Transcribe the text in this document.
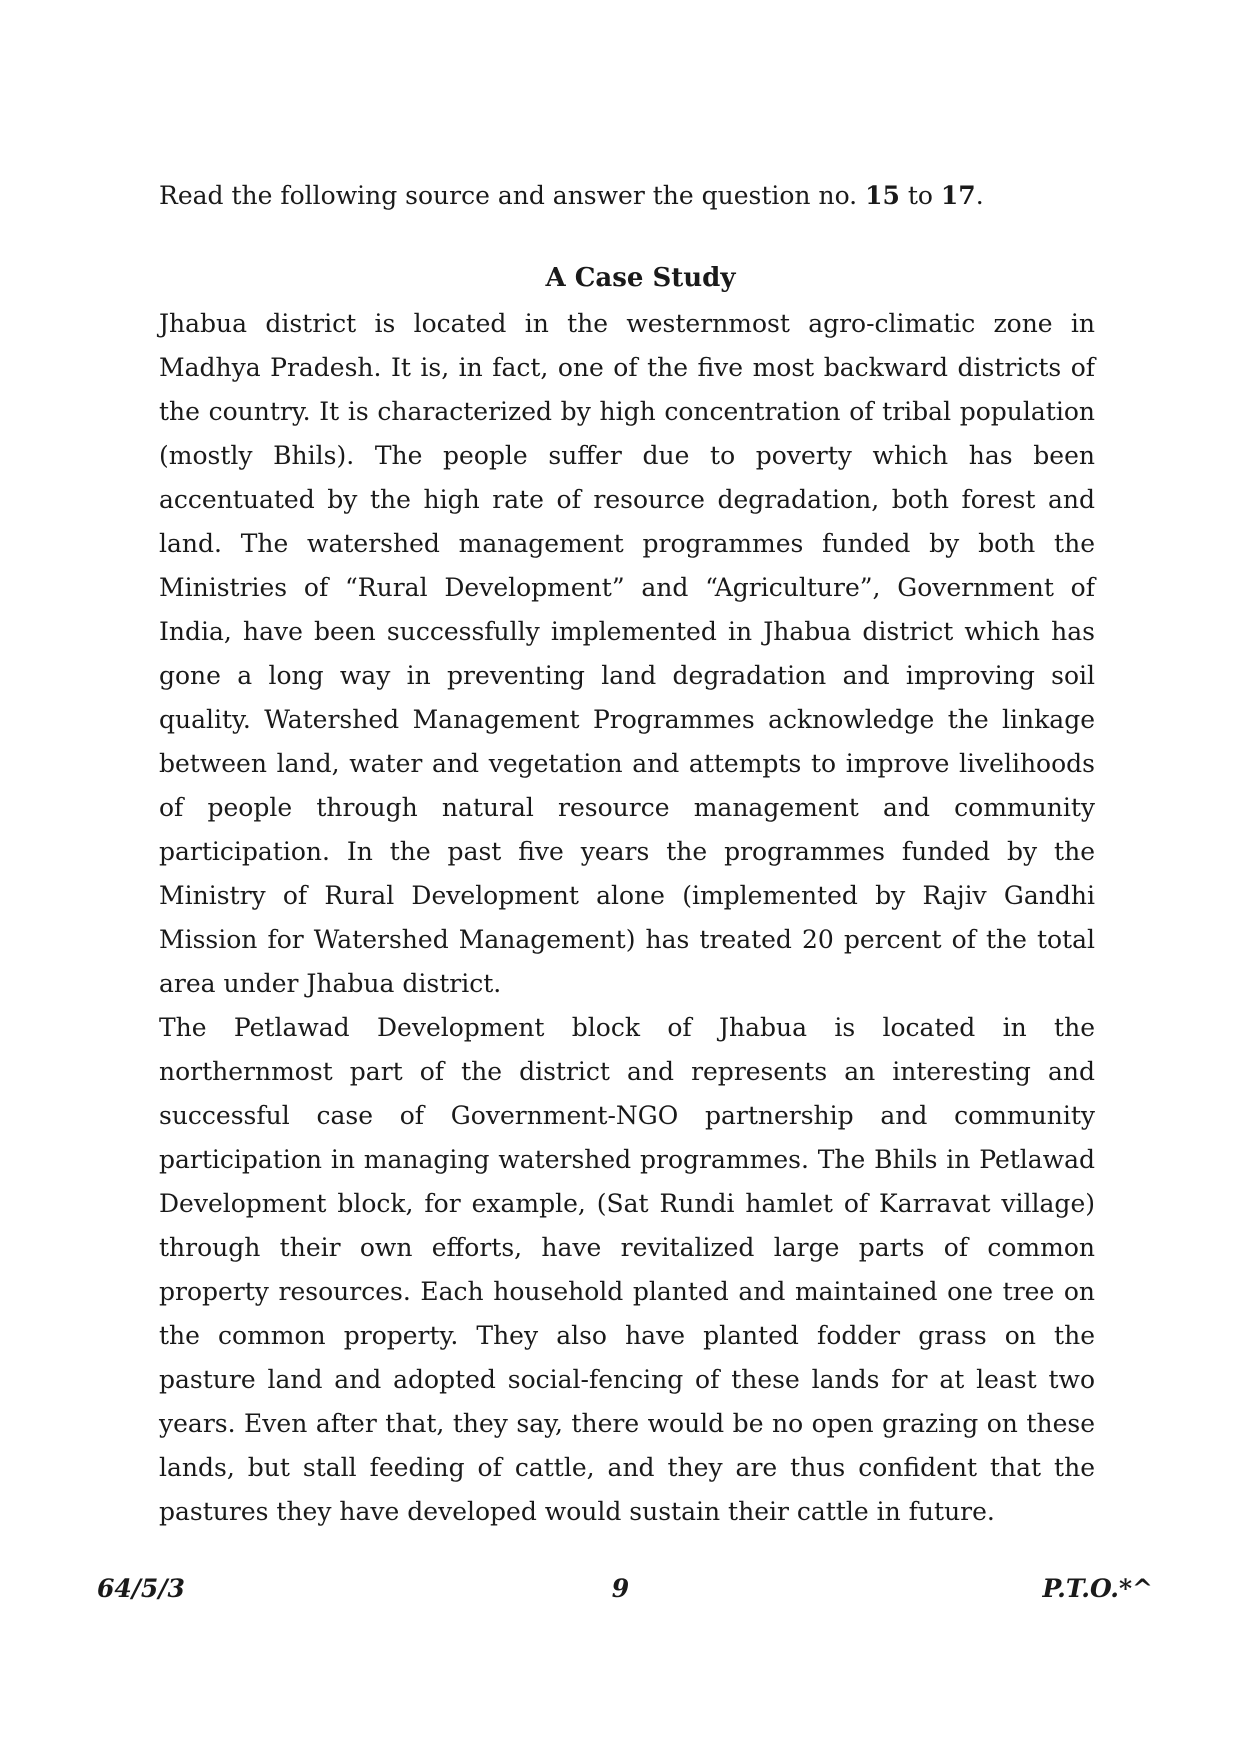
Read the following source and answer the question no. 15 to 17.
A Case Study

Jhabua district is located in the westernmost agro-climatic zone in Madhya Pradesh. It is, in fact, one of the five most backward districts of the country. It is characterized by high concentration of tribal population (mostly Bhils). The people suffer due to poverty which has been accentuated by the high rate of resource degradation, both forest and land. The watershed management programmes funded by both the Ministries of “Rural Development” and “Agriculture”, Government of India, have been successfully implemented in Jhabua district which has gone a long way in preventing land degradation and improving soil quality. Watershed Management Programmes acknowledge the linkage between land, water and vegetation and attempts to improve livelihoods of people through natural resource management and community participation. In the past five years the programmes funded by the Ministry of Rural Development alone (implemented by Rajiv Gandhi Mission for Watershed Management) has treated 20 percent of the total area under Jhabua district.

The Petlawad Development block of Jhabua is located in the northernmost part of the district and represents an interesting and successful case of Government-NGO partnership and community participation in managing watershed programmes. The Bhils in Petlawad Development block, for example, (Sat Rundi hamlet of Karravat village) through their own efforts, have revitalized large parts of common property resources. Each household planted and maintained one tree on the common property. They also have planted fodder grass on the pasture land and adopted social-fencing of these lands for at least two years. Even after that, they say, there would be no open grazing on these lands, but stall feeding of cattle, and they are thus confident that the pastures they have developed would sustain their cattle in future.

64/5/3	9	P.T.O.*^
